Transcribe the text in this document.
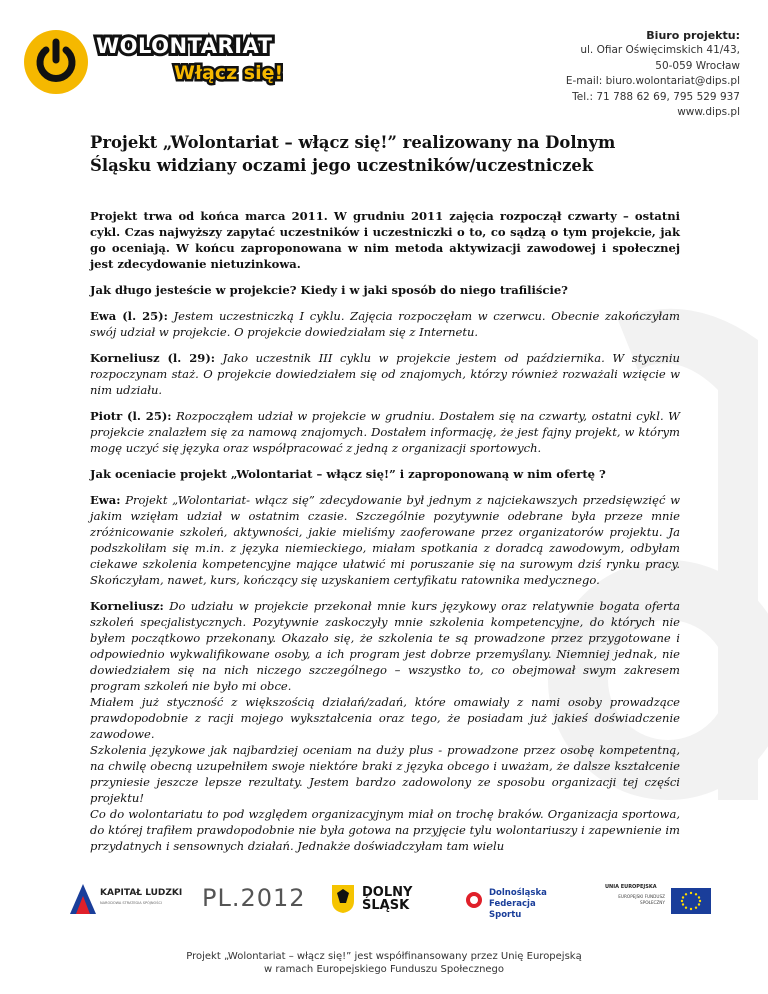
WOLONTARIAT
Włącz się!
Biuro projektu:
ul. Ofiar Oświęcimskich 41/43,
50-059 Wrocław
E-mail: biuro.wolontariat@dips.pl
Tel.: 71 788 62 69, 795 529 937
www.dips.pl
Projekt „Wolontariat – włącz się!” realizowany na Dolnym Śląsku widziany oczami jego uczestników/uczestniczek

Projekt trwa od końca marca 2011. W grudniu 2011 zajęcia rozpoczął czwarty – ostatni cykl. Czas najwyższy zapytać uczestników i uczestniczki o to, co sądzą o tym projekcie, jak go oceniają. W końcu zaproponowana w nim metoda aktywizacji zawodowej i społecznej jest zdecydowanie nietuzinkowa.

Jak długo jesteście w projekcie? Kiedy i w jaki sposób do niego trafiliście?

Ewa (l. 25): Jestem uczestniczką I cyklu. Zajęcia rozpoczęłam w czerwcu. Obecnie zakończyłam swój udział w projekcie. O projekcie dowiedziałam się z Internetu.

Korneliusz (l. 29): Jako uczestnik III cyklu w projekcie jestem od października. W styczniu rozpoczynam staż. O projekcie dowiedziałem się od znajomych, którzy również rozważali wzięcie w nim udziału.

Piotr (l. 25): Rozpocząłem udział w projekcie w grudniu. Dostałem się na czwarty, ostatni cykl. W projekcie znalazłem się za namową znajomych. Dostałem informację, że jest fajny projekt, w którym mogę uczyć się języka oraz współpracować z jedną z organizacji sportowych.

Jak oceniacie projekt „Wolontariat – włącz się!” i zaproponowaną w nim ofertę ?

Ewa: Projekt „Wolontariat- włącz się” zdecydowanie był jednym z najciekawszych przedsięwzięć w jakim wzięłam udział w ostatnim czasie. Szczególnie pozytywnie odebrane była przeze mnie zróżnicowanie szkoleń, aktywności, jakie mieliśmy zaoferowane przez organizatorów projektu. Ja podszkoliłam się m.in. z języka niemieckiego, miałam spotkania z doradcą zawodowym, odbyłam ciekawe szkolenia kompetencyjne mające ułatwić mi poruszanie się na surowym dziś rynku pracy. Skończyłam, nawet, kurs, kończący się uzyskaniem certyfikatu ratownika medycznego.

Korneliusz: Do udziału w projekcie przekonał mnie kurs językowy oraz relatywnie bogata oferta szkoleń specjalistycznych. Pozytywnie zaskoczyły mnie szkolenia kompetencyjne, do których nie byłem początkowo przekonany. Okazało się, że szkolenia te są prowadzone przez przygotowane i odpowiednio wykwalifikowane osoby, a ich program jest dobrze przemyślany. Niemniej jednak, nie dowiedziałem się na nich niczego szczególnego – wszystko to, co obejmował swym zakresem program szkoleń nie było mi obce.

Miałem już styczność z większością działań/zadań, które omawiały z nami osoby prowadzące prawdopodobnie z racji mojego wykształcenia oraz tego, że posiadam już jakieś doświadczenie zawodowe.

Szkolenia językowe jak najbardziej oceniam na duży plus - prowadzone przez osobę kompetentną, na chwilę obecną uzupełniłem swoje niektóre braki z języka obcego i uważam, że dalsze kształcenie przyniesie jeszcze lepsze rezultaty. Jestem bardzo zadowolony ze sposobu organizacji tej części projektu!

Co do wolontariatu to pod względem organizacyjnym miał on trochę braków. Organizacja sportowa, do której trafiłem prawdopodobnie nie była gotowa na przyjęcie tylu wolontariuszy i zapewnienie im przydatnych i sensownych działań. Jednakże doświadczyłam tam wielu

KAPITAŁ LUDZKI
NARODOWA STRATEGIA SPÓJNOŚCI PL.2012	DOLNY ŚLĄSK
Dolnośląska Federacja Sportu
UNIA EUROPEJSKA
EUROPEJSKI FUNDUSZ SPOŁECZNY
Projekt „Wolontariat – włącz się!” jest współfinansowany przez Unię Europejską
w ramach Europejskiego Funduszu Społecznego
